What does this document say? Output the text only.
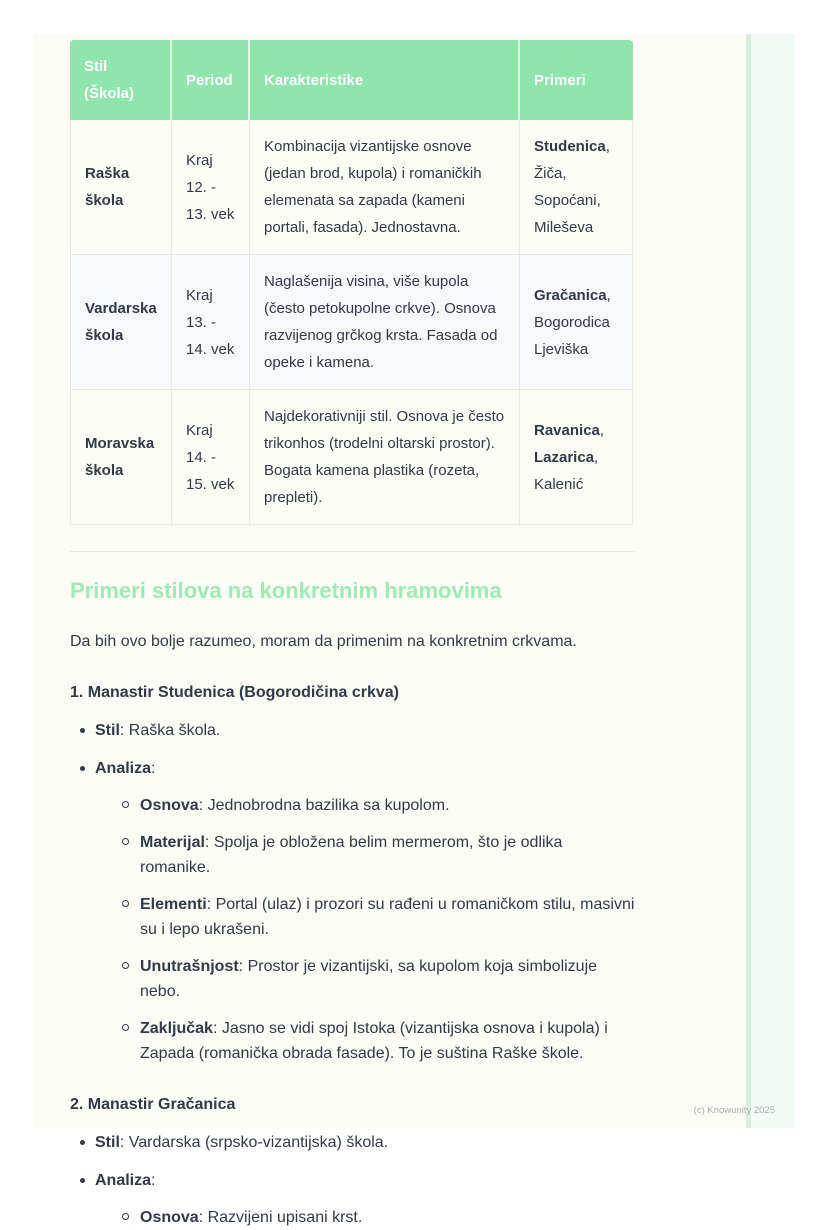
Stil (Škola)	Period	Karakteristike	Primeri
Raška škola	Kraj 12. - 13. vek	Kombinacija vizantijske osnove (jedan brod, kupola) i romaničkih elemenata sa zapada (kameni portali, fasada). Jednostavna.	Studenica, Žiča, Sopoćani, Mileševa
Vardarska škola	Kraj 13. - 14. vek	Naglašenija visina, više kupola (često petokupolne crkve). Osnova razvijenog grčkog krsta. Fasada od opeke i kamena.	Gračanica, Bogorodica Ljeviška
Moravska škola	Kraj 14. - 15. vek	Najdekorativniji stil. Osnova je često trikonhos (trodelni oltarski prostor). Bogata kamena plastika (rozeta, prepleti).	Ravanica, Lazarica, Kalenić
Primeri stilova na konkretnim hramovima

Da bih ovo bolje razumeo, moram da primenim na konkretnim crkvama.

1. Manastir Studenica (Bogorodičina crkva)

Stil: Raška škola.
Analiza:
Osnova: Jednobrodna bazilika sa kupolom.
Materijal: Spolja je obložena belim mermerom, što je odlika romanike.
Elementi: Portal (ulaz) i prozori su rađeni u romaničkom stilu, masivni su i lepo ukrašeni.
Unutrašnjost: Prostor je vizantijski, sa kupolom koja simbolizuje nebo.
Zaključak: Jasno se vidi spoj Istoka (vizantijska osnova i kupola) i Zapada (romanička obrada fasade). To je suština Raške škole.

2. Manastir Gračanica

Stil: Vardarska (srpsko-vizantijska) škola.
Analiza:
Osnova: Razvijeni upisani krst.
(c) Knowunity 2025
